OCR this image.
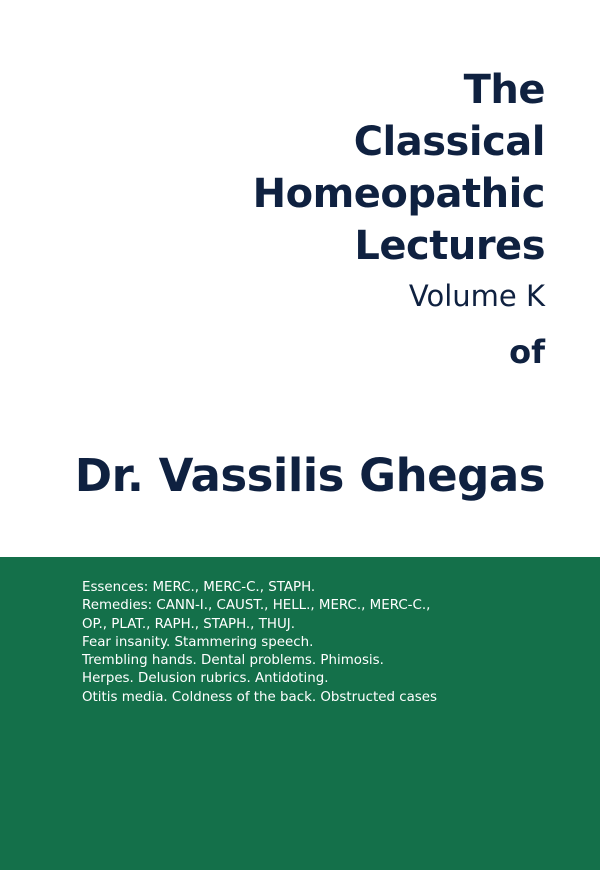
The
Classical
Homeopathic
Lectures
Volume K
of
Dr. Vassilis Ghegas
Essences: MERC., MERC-C., STAPH.
Remedies: CANN-I., CAUST., HELL., MERC., MERC-C.,
OP., PLAT., RAPH., STAPH., THUJ.
Fear insanity. Stammering speech.
Trembling hands. Dental problems. Phimosis.
Herpes. Delusion rubrics. Antidoting.
Otitis media. Coldness of the back. Obstructed cases
